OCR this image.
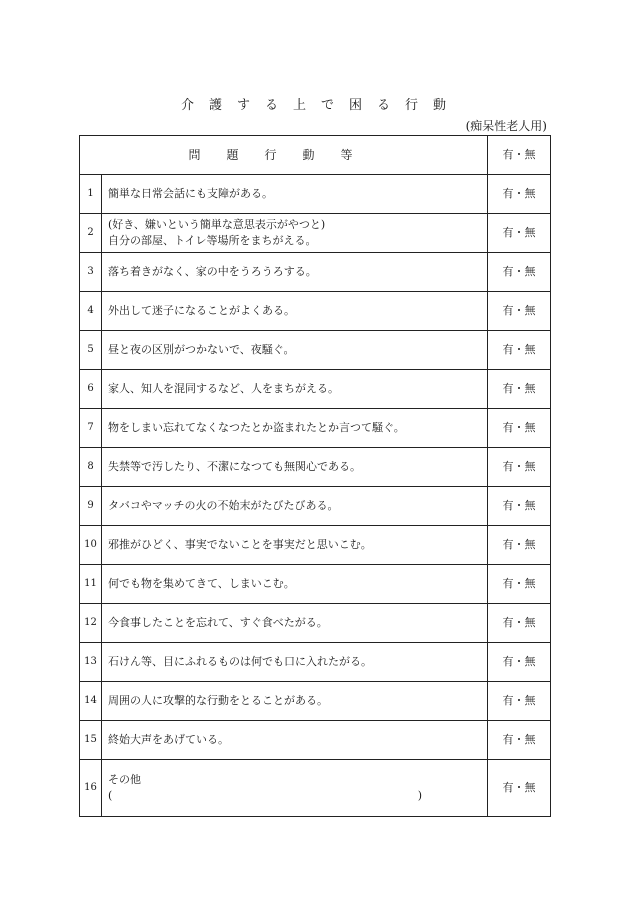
介護する上で困る行動
(痴呆性老人用)
問題行動等		有・無
1	簡単な日常会話にも支障がある。	有・無
2	(好き、嫌いという簡単な意思表示がやつと)
自分の部屋、トイレ等場所をまちがえる。	有・無
3	落ち着きがなく、家の中をうろうろする。	有・無
4	外出して迷子になることがよくある。	有・無
5	昼と夜の区別がつかないで、夜騒ぐ。	有・無
6	家人、知人を混同するなど、人をまちがえる。	有・無
7	物をしまい忘れてなくなつたとか盗まれたとか言つて騒ぐ。	有・無
8	失禁等で汚したり、不潔になつても無関心である。	有・無
9	タバコやマッチの火の不始末がたびたびある。	有・無
10	邪推がひどく、事実でないことを事実だと思いこむ。	有・無
11	何でも物を集めてきて、しまいこむ。	有・無
12	今食事したことを忘れて、すぐ食べたがる。	有・無
13	石けん等、目にふれるものは何でも口に入れたがる。	有・無
14	周囲の人に攻撃的な行動をとることがある。	有・無
15	終始大声をあげている。	有・無
16	その他
( )	有・無
